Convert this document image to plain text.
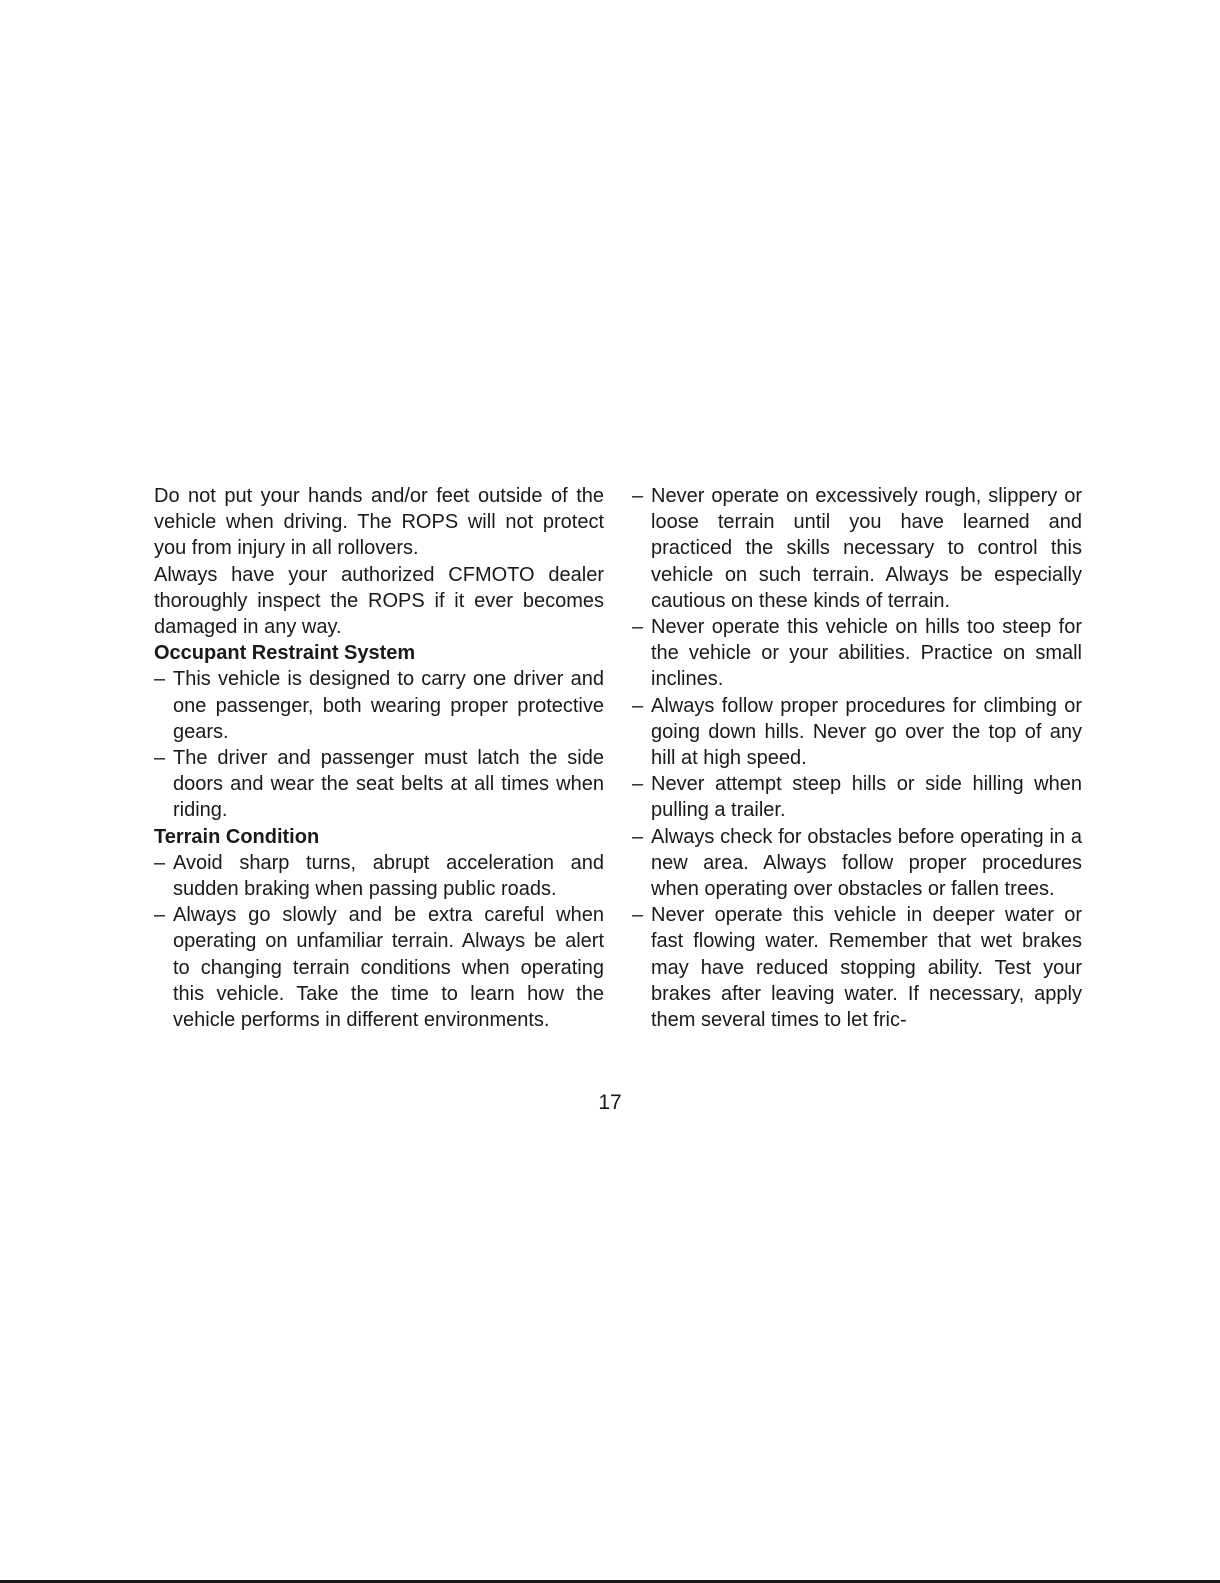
Do not put your hands and/or feet outside of the vehicle when driving. The ROPS will not protect you from injury in all rollovers.

Always have your authorized CFMOTO dealer thoroughly inspect the ROPS if it ever becomes damaged in any way.

Occupant Restraint System

– This vehicle is designed to carry one driver and one passenger, both wearing proper protective gears.
– The driver and passenger must latch the side doors and wear the seat belts at all times when riding.

Terrain Condition

– Avoid sharp turns, abrupt acceleration and sudden braking when passing public roads.
– Always go slowly and be extra careful when operating on unfamiliar terrain. Always be alert to changing terrain conditions when operating this vehicle. Take the time to learn how the vehicle performs in different environments.
– Never operate on excessively rough, slippery or loose terrain until you have learned and practiced the skills necessary to control this vehicle on such terrain. Always be especially cautious on these kinds of terrain.
– Never operate this vehicle on hills too steep for the vehicle or your abilities. Practice on small inclines.
– Always follow proper procedures for climbing or going down hills. Never go over the top of any hill at high speed.
– Never attempt steep hills or side hilling when pulling a trailer.
– Always check for obstacles before operating in a new area. Always follow proper procedures when operating over obstacles or fallen trees.
– Never operate this vehicle in deeper water or fast flowing water. Remember that wet brakes may have reduced stopping ability. Test your brakes after leaving water. If necessary, apply them several times to let fric-
17
